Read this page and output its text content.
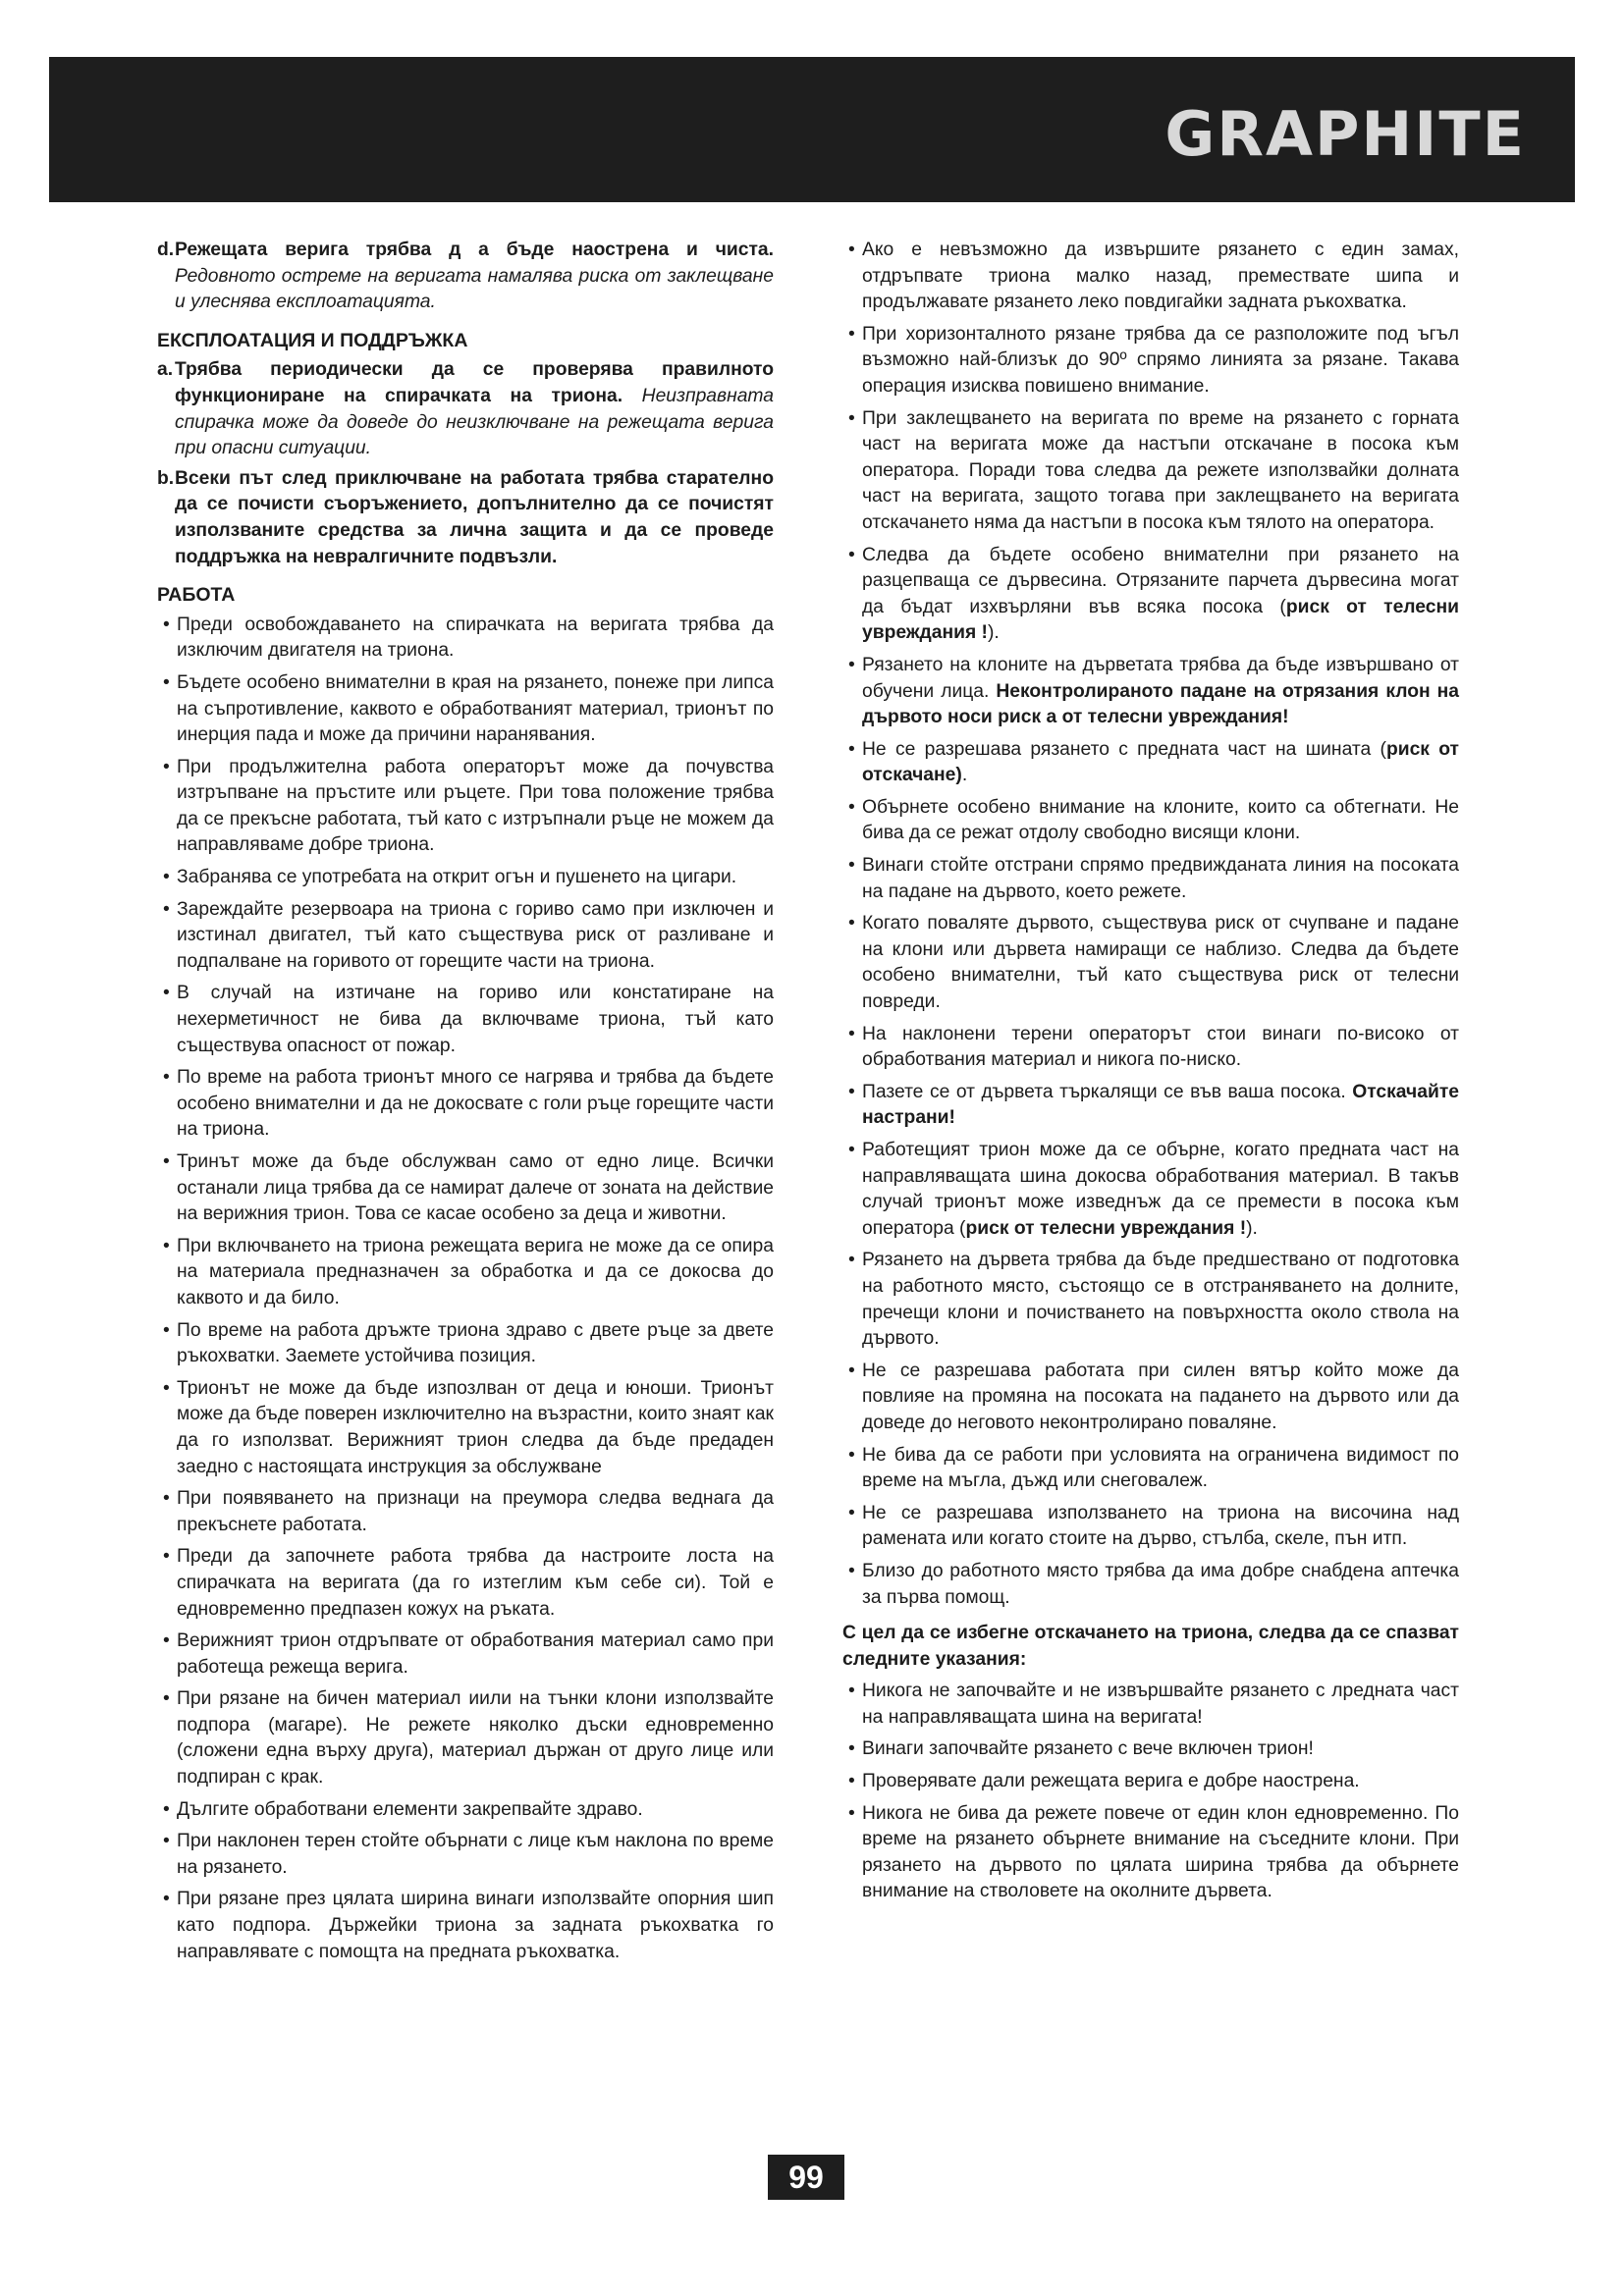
GRAPHITE
d. Режещата верига трябва д а бъде наострена и чиста. Редовното остреме на веригата намалява риска от заклещване и улеснява експлоатацията.

ЕКСПЛОАТАЦИЯ И ПОДДРЪЖКА

a. Трябва периодически да се проверява правилното функциониране на спирачката на триона. Неизправната спирачка може да доведе до неизключване на режещата верига при опасни ситуации.
b. Всеки път след приключване на работата трябва старателно да се почисти съоръжението, допълнително да се почистят използваните средства за лична защита и да се проведе поддръжка на невралгичните подвъзли.

РАБОТА

• Преди освобождаването на спирачката на веригата трябва да изключим двигателя на триона.
• Бъдете особено внимателни в края на рязането, понеже при липса на съпротивление, каквото е обработваният материал, трионът по инерция пада и може да причини наранявания.
• При продължителна работа операторът може да почувства изтръпване на пръстите или ръцете. При това положение трябва да се прекъсне работата, тъй като с изтръпнали ръце не можем да направляваме добре триона.
• Забранява се употребата на открит огън и пушенето на цигари.
• Зареждайте резервоара на триона с гориво само при изключен и изстинал двигател, тъй като съществува риск от разливане и подпалване на горивото от горещите части на триона.
• В случай на изтичане на гориво или констатиране на нехерметичност не бива да включваме триона, тъй като съществува опасност от пожар.
• По време на работа трионът много се нагрява и трябва да бъдете особено внимателни и да не докосвате с голи ръце горещите части на триона.
• Тринът може да бъде обслужван само от едно лице. Всички останали лица трябва да се намират далече от зоната на действие на верижния трион. Това се касае особено за деца и животни.
• При включването на триона режещата верига не може да се опира на материала предназначен за обработка и да се докосва до каквото и да било.
• По време на работа дръжте триона здраво с двете ръце за двете ръкохватки. Заемете устойчива позиция.
• Трионът не може да бъде изпозлван от деца и юноши. Трионът може да бъде поверен изключително на възрастни, които знаят как да го използват. Верижният трион следва да бъде предаден заедно с настоящата инструкция за обслужване
• При появяването на признаци на преумора следва веднага да прекъснете работата.
• Преди да започнете работа трябва да настроите лоста на спирачката на веригата (да го изтеглим към себе си). Той е едновременно предпазен кожух на ръката.
• Верижният трион отдръпвате от обработвания материал само при работеща режеща верига.
• При рязане на бичен материал иили на тънки клони използвайте подпора (магаре). Не режете няколко дъски едновременно (сложени една върху друга), материал държан от друго лице или подпиран с крак.
• Дългите обработвани елементи закрепвайте здраво.
• При наклонен терен стойте обърнати с лице към наклона по време на рязането.
• При рязане през цялата ширина винаги използвайте опорния шип като подпора. Държейки триона за задната ръкохватка го направлявате с помощта на предната ръкохватка.
• Ако е невъзможно да извършите рязането с един замах, отдръпвате триона малко назад, премествате шипа и продължавате рязането леко повдигайки задната ръкохватка.
• При хоризонталното рязане трябва да се разположите под ъгъл възможно най-близък до 90º спрямо линията за рязане. Такава операция изисква повишено внимание.
• При заклещването на веригата по време на рязането с горната част на веригата може да настъпи отскачане в посока към оператора. Поради това следва да режете използвайки долната част на веригата, защото тогава при заклещването на веригата отскачането няма да настъпи в посока към тялото на оператора.
• Следва да бъдете особено внимателни при рязането на разцепваща се дървесина. Отрязаните парчета дървесина могат да бъдат изхвърляни във всяка посока (риск от телесни увреждания !).
• Рязането на клоните на дърветата трябва да бъде извършвано от обучени лица. Неконтролираното падане на отрязания клон на дървото носи риск а от телесни увреждания!
• Не се разрешава рязането с предната част на шината (риск от отскачане).
• Обърнете особено внимание на клоните, които са обтегнати. Не бива да се режат отдолу свободно висящи клони.
• Винаги стойте отстрани спрямо предвижданата линия на посоката на падане на дървото, което режете.
• Когато поваляте дървото, съществува риск от счупване и падане на клони или дървета намиращи се наблизо. Следва да бъдете особено внимателни, тъй като съществува риск от телесни повреди.
• На наклонени терени операторът стои винаги по-високо от обработвания материал и никога по-ниско.
• Пазете се от дървета търкалящи се във ваша посока. Отскачайте настрани!
• Работещият трион може да се обърне, когато предната част на направляващата шина докосва обработвания материал. В такъв случай трионът може изведнъж да се премести в посока към оператора (риск от телесни увреждания !).
• Рязането на дървета трябва да бъде предшествано от подготовка на работното място, състоящо се в отстраняването на долните, пречещи клони и почистването на повърхността около ствола на дървото.
• Не се разрешава работата при силен вятър който може да повлияе на промяна на посоката на падането на дървото или да доведе до неговото неконтролирано поваляне.
• Не бива да се работи при условията на ограничена видимост по време на мъгла, дъжд или снеговалеж.
• Не се разрешава използването на триона на височина над рамената или когато стоите на дърво, стълба, скеле, пън итп.
• Близо до работното място трябва да има добре снабдена аптечка за първа помощ.

С цел да се избегне отскачането на триона, следва да се спазват следните указания:

• Никога не започвайте и не извършвайте рязането с лредната част на направляващата шина на веригата!
• Винаги започвайте рязането с вече включен трион!
• Проверявате дали режещата верига е добре наострена.
• Никога не бива да режете повече от един клон едновременно. По време на рязането обърнете внимание на съседните клони. При рязането на дървото по цялата ширина трябва да обърнете внимание на стволовете на околните дървета.
99
